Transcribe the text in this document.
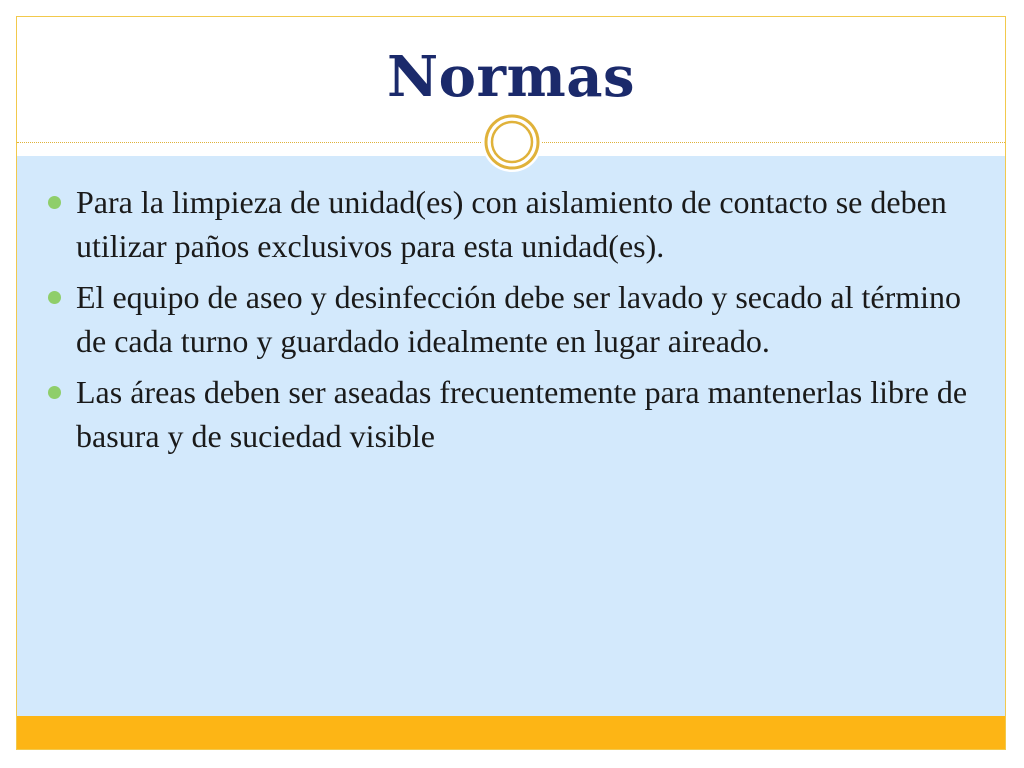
Normas
Para la limpieza de unidad(es) con aislamiento de contacto se deben utilizar paños exclusivos para esta unidad(es).
El equipo de aseo y desinfección debe ser lavado y secado al término de cada turno y guardado idealmente en lugar aireado.
Las áreas deben ser aseadas frecuentemente para mantenerlas libre de basura y de suciedad visible
